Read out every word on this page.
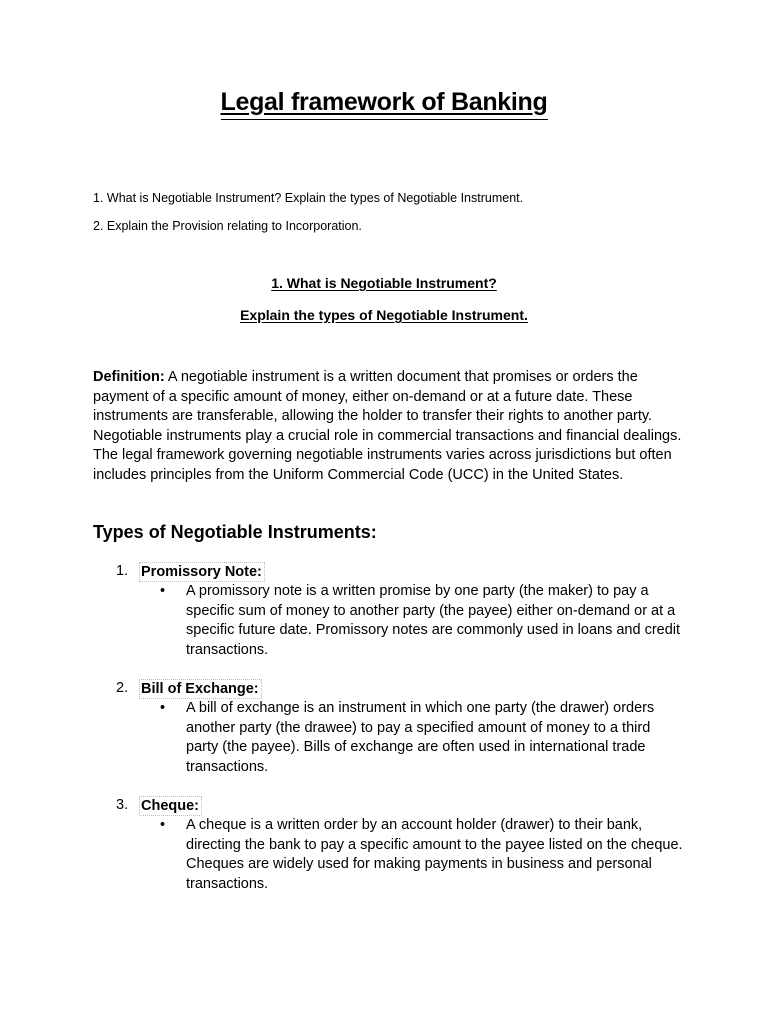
Legal framework of Banking
1. What is Negotiable Instrument? Explain the types of Negotiable Instrument.
2. Explain the Provision relating to Incorporation.
1. What is Negotiable Instrument?
Explain the types of Negotiable Instrument.
Definition: A negotiable instrument is a written document that promises or orders the payment of a specific amount of money, either on-demand or at a future date. These instruments are transferable, allowing the holder to transfer their rights to another party. Negotiable instruments play a crucial role in commercial transactions and financial dealings. The legal framework governing negotiable instruments varies across jurisdictions but often includes principles from the Uniform Commercial Code (UCC) in the United States.
Types of Negotiable Instruments:
1. Promissory Note:
• A promissory note is a written promise by one party (the maker) to pay a specific sum of money to another party (the payee) either on-demand or at a specific future date. Promissory notes are commonly used in loans and credit transactions.
2. Bill of Exchange:
• A bill of exchange is an instrument in which one party (the drawer) orders another party (the drawee) to pay a specified amount of money to a third party (the payee). Bills of exchange are often used in international trade transactions.
3. Cheque:
• A cheque is a written order by an account holder (drawer) to their bank, directing the bank to pay a specific amount to the payee listed on the cheque. Cheques are widely used for making payments in business and personal transactions.
